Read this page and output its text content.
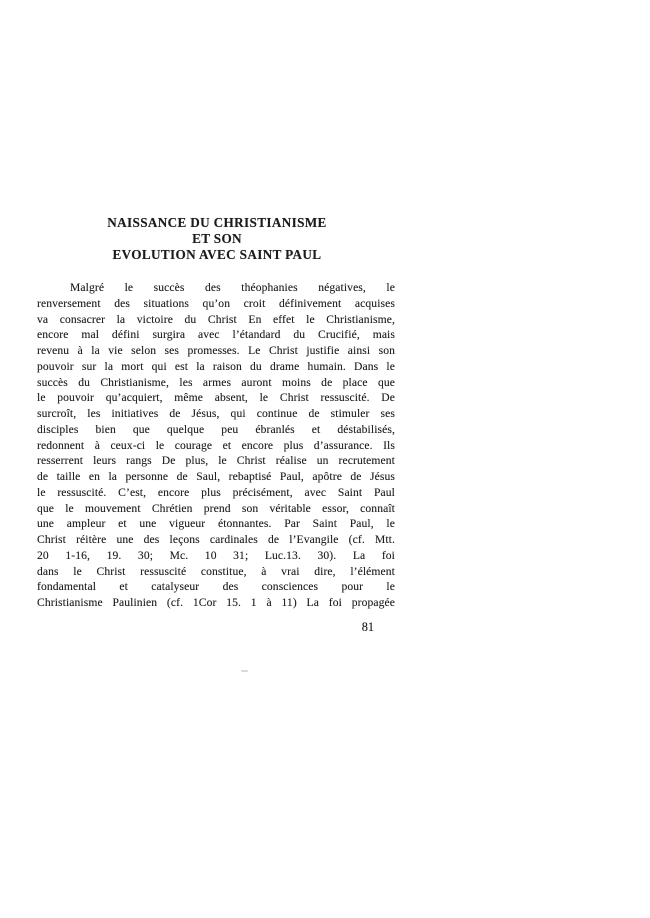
NAISSANCE DU CHRISTIANISME
ET SON
EVOLUTION AVEC SAINT PAUL
Malgré le succès des théophanies négatives, le
renversement des situations qu’on croit définivement acquises
va consacrer la victoire du Christ En effet le Christianisme,
encore mal défini surgira avec l’étandard du Crucifié, mais
revenu à la vie selon ses promesses. Le Christ justifie ainsi son
pouvoir sur la mort qui est la raison du drame humain. Dans le
succès du Christianisme, les armes auront moins de place que
le pouvoir qu’acquiert, même absent, le Christ ressuscité. De
surcroît, les initiatives de Jésus, qui continue de stimuler ses
disciples bien que quelque peu ébranlés et déstabilisés,
redonnent à ceux-ci le courage et encore plus d’assurance. Ils
resserrent leurs rangs De plus, le Christ réalise un recrutement
de taille en la personne de Saul, rebaptisé Paul, apôtre de Jésus
le ressuscité. C’est, encore plus précisément, avec Saint Paul
que le mouvement Chrétien prend son véritable essor, connaît
une ampleur et une vigueur étonnantes. Par Saint Paul, le
Christ réitère une des leçons cardinales de l’Evangile (cf. Mtt.
20 1-16, 19. 30; Mc. 10 31; Luc.13. 30). La foi
dans le Christ ressuscité constitue, à vrai dire, l’élément
fondamental et catalyseur des consciences pour le
Christianisme Paulinien (cf. 1Cor 15. 1 à 11) La foi propagée
81
